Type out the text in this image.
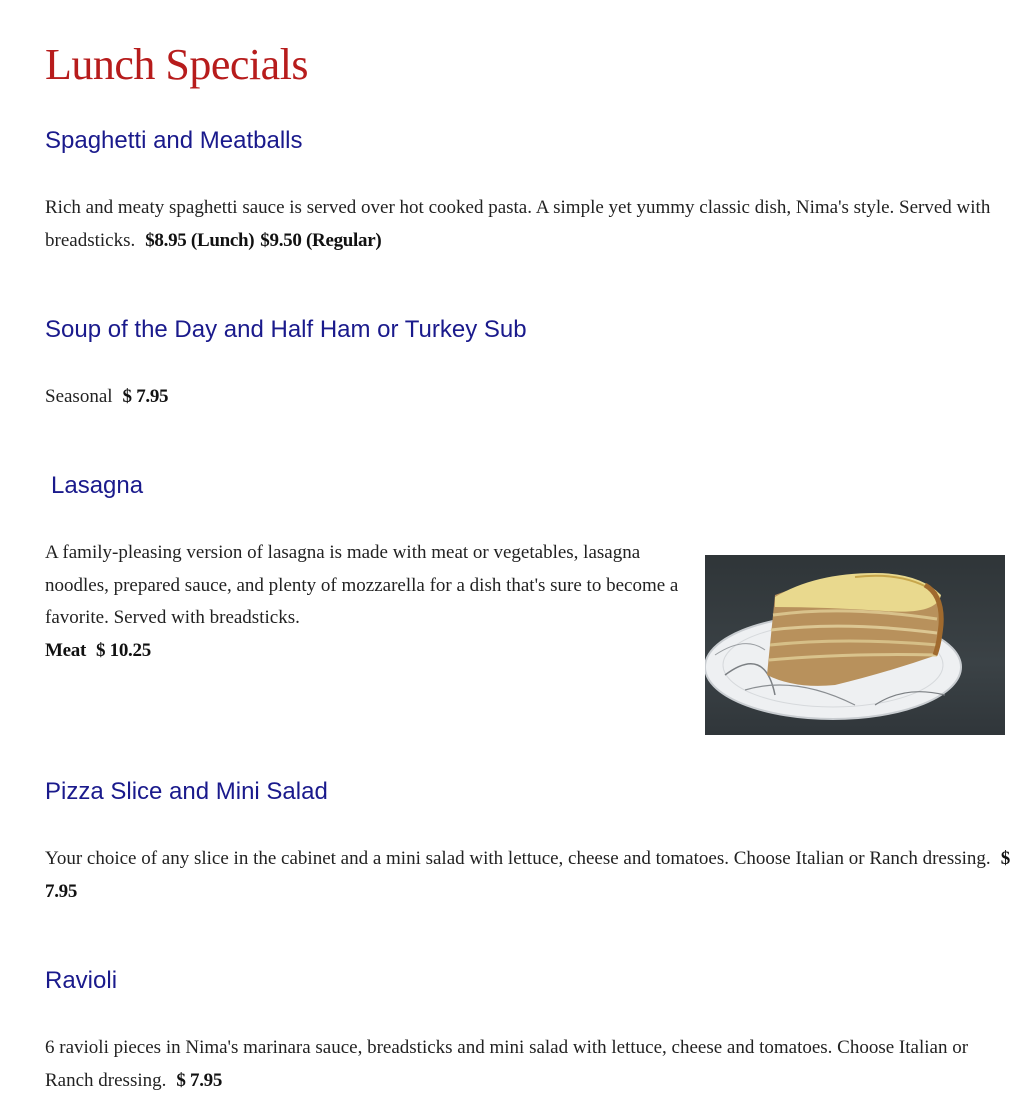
Lunch Specials
Spaghetti and Meatballs

Rich and meaty spaghetti sauce is served over hot cooked pasta. A simple yet yummy classic dish, Nima's style. Served with breadsticks. $8.95 (Lunch) $9.50 (Regular)

Soup of the Day and Half Ham or Turkey Sub

Seasonal $ 7.95

Lasagna

A family-pleasing version of lasagna is made with meat or vegetables, lasagna noodles, prepared sauce, and plenty of mozzarella for a dish that's sure to become a favorite. Served with breadsticks.
Meat $ 10.25

Pizza Slice and Mini Salad

Your choice of any slice in the cabinet and a mini salad with lettuce, cheese and tomatoes. Choose Italian or Ranch dressing. $ 7.95

Ravioli

6 ravioli pieces in Nima's marinara sauce, breadsticks and mini salad with lettuce, cheese and tomatoes. Choose Italian or Ranch dressing. $ 7.95
